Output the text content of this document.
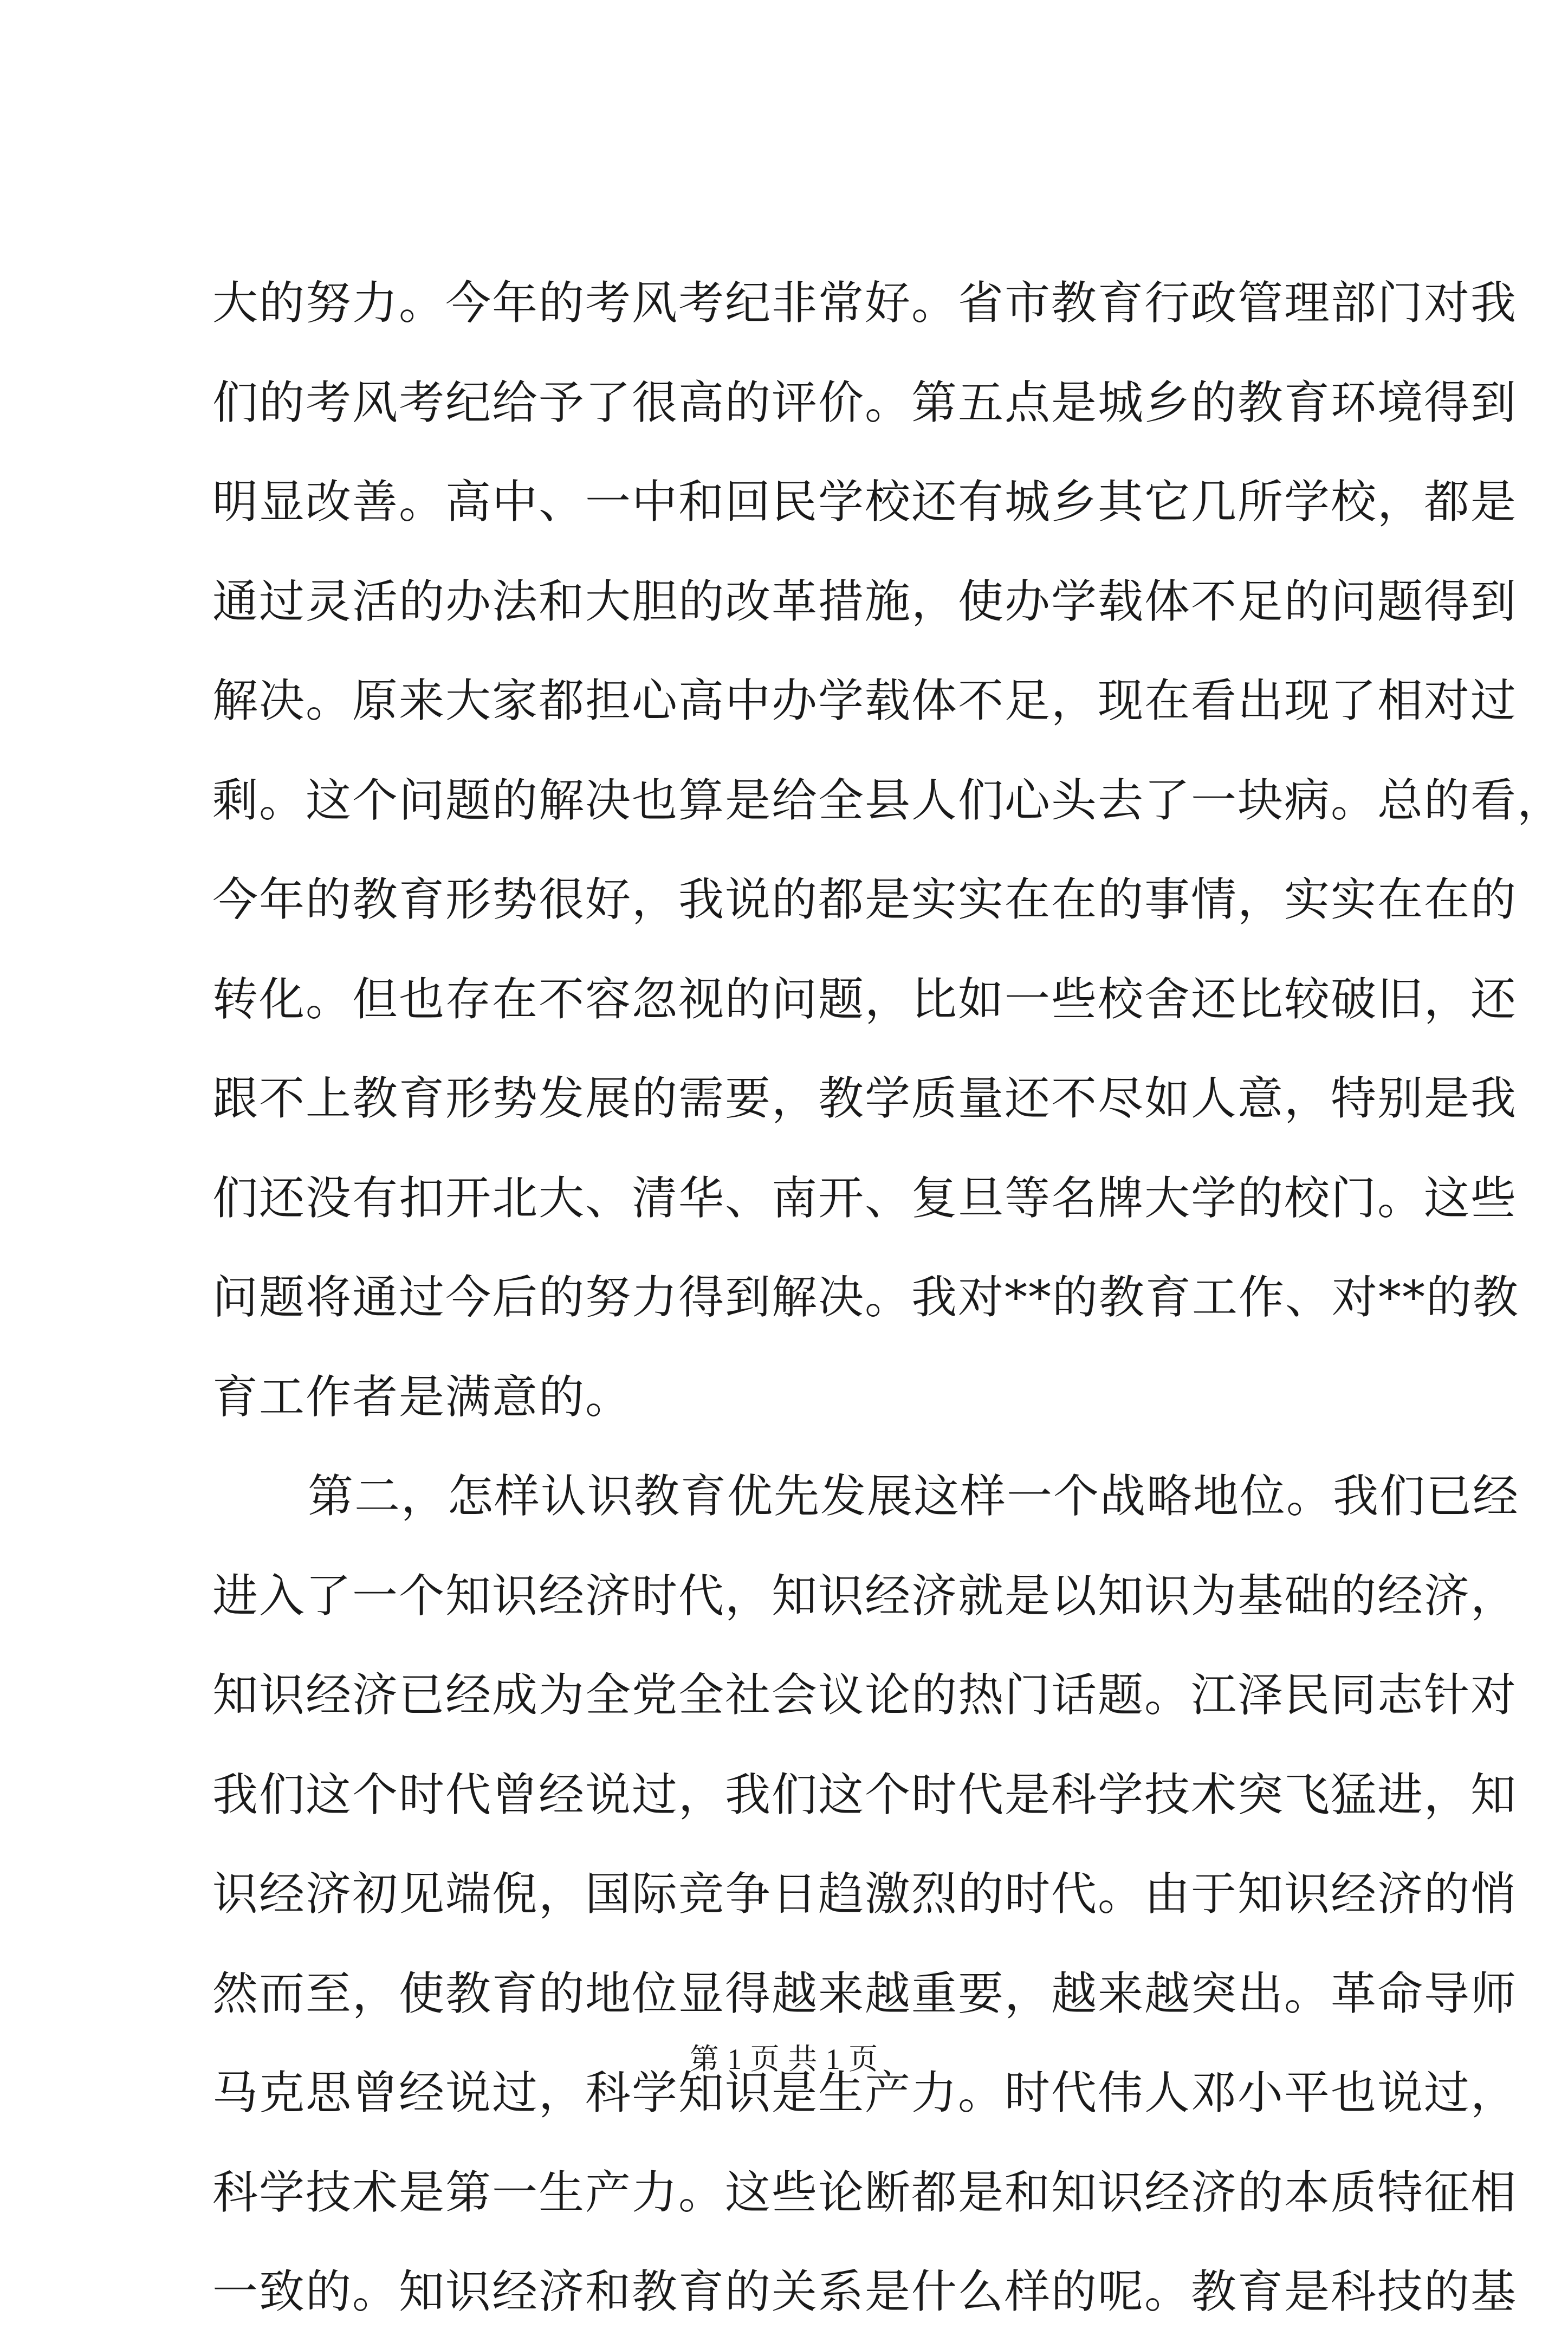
大的努力。今年的考风考纪非常好。省市教育行政管理部门对我
们的考风考纪给予了很高的评价。第五点是城乡的教育环境得到
明显改善。高中、一中和回民学校还有城乡其它几所学校，都是
通过灵活的办法和大胆的改革措施，使办学载体不足的问题得到
解决。原来大家都担心高中办学载体不足，现在看出现了相对过
剩。这个问题的解决也算是给全县人们心头去了一块病。总的看，
今年的教育形势很好，我说的都是实实在在的事情，实实在在的
转化。但也存在不容忽视的问题，比如一些校舍还比较破旧，还
跟不上教育形势发展的需要，教学质量还不尽如人意，特别是我
们还没有扣开北大、清华、南开、复旦等名牌大学的校门。这些
问题将通过今后的努力得到解决。我对**的教育工作、对**的教
育工作者是满意的。
第二，怎样认识教育优先发展这样一个战略地位。我们已经
进入了一个知识经济时代，知识经济就是以知识为基础的经济，
知识经济已经成为全党全社会议论的热门话题。江泽民同志针对
我们这个时代曾经说过，我们这个时代是科学技术突飞猛进，知
识经济初见端倪，国际竞争日趋激烈的时代。由于知识经济的悄
然而至，使教育的地位显得越来越重要，越来越突出。革命导师
马克思曾经说过，科学知识是生产力。时代伟人邓小平也说过，
科学技术是第一生产力。这些论断都是和知识经济的本质特征相
一致的。知识经济和教育的关系是什么样的呢。教育是科技的基
第 1 页 共 1 页
